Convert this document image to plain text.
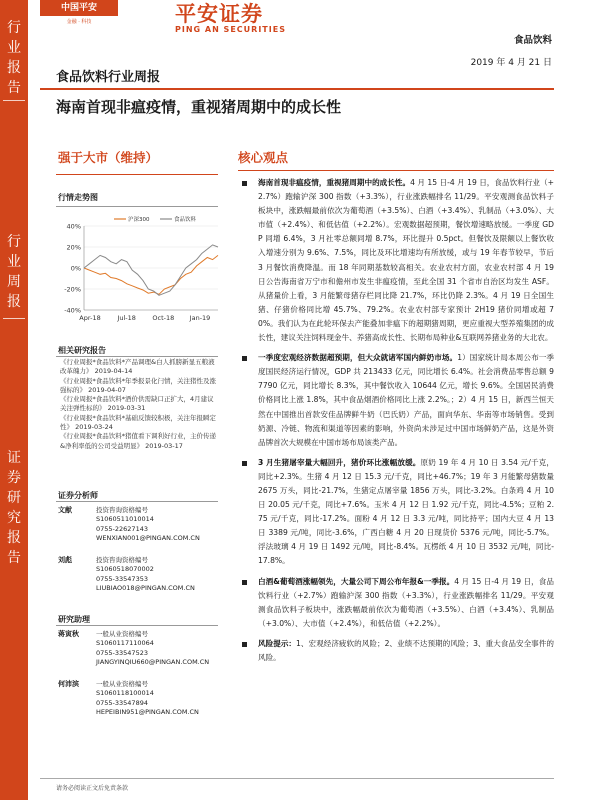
行
业
报
告
行
业
周
报
证
券
研
究
报
告
中国平安
金融 · 科技	平安证券
PING AN SECURITIES
食品饮料
2019 年 4 月 21 日
食品饮料行业周报
海南首现非瘟疫情，重视猪周期中的成长性
强于大市（维持）
行情走势图
40%
20%
0%
-20%
-40%
Apr-18	Jul-18	Oct-18 Jan-19
沪深300	食品饮料
相关研究报告
《行业周报*食品饮料*产品调理&白人抓膀新显五粮液改革魄力》 2019-04-14
《行业周报*食品饮料*年季报景化闩情，关注猪性及涨强标的》 2019-04-07
《行业周报*食品饮料*酒价供需缺口正扩大，4月建议关注弹性标的》 2019-03-31
《行业周报*食品饮料*基础反馈较积极，关注年报瞬定性》 2019-03-24
《行业周报*食品饮料*猪值看下调利好行业，主价传递&净利率低的公司受益明显》 2019-03-17
证券分析师
文献	投资咨询资格编号
S1060511010014
0755-22627143
WENXIAN001@PINGAN.COM.CN
刘彪	投资咨询资格编号
S1060518070002
0755-33547353
LIUBIAO018@PINGAN.COM.CN
研究助理
蒋寅秋	一般从业资格编号
S1060117110064
0755-33547523
JIANGYINQIU660@PINGAN.COM.CN
何沛滨	一般从业资格编号
S1060118100014
0755-33547894
HEPEIBIN951@PINGAN.COM.CN
核心观点
海南首现非瘟疫情，重视猪周期中的成长性。4 月 15 日-4 月 19 日，食品饮料行业（+2.7%）跑输沪深 300 指数（+3.3%），行业涨跌幅排名 11/29。平安观测食品饮料子板块中，涨跌幅最前依次为葡萄酒（+3.5%）、白酒（+3.4%）、乳制品（+3.0%）、大市值（+2.4%）、和低估值（+2.2%）。宏观数据超预期，餐饮增速略放缓。一季度 GDP 同增 6.4%，3 月社零总额同增 8.7%，环比提升 0.5pct。但餐饮及限额以上餐饮收入增速分别为 9.6%、7.5%，同比及环比增速均有所放缓，或与 19 年春节较早，节后 3 月餐饮消费降温。而 18 年同期基数较高相关。农业农村方面，农业农村部 4 月 19 日公告海南省万宁市和儋州市发生非瘟疫情，至此全国 31 个省市自治区均发生 ASF。从猪量价上看，3 月能繁母猪存栏同比降 21.7%，环比仍降 2.3%。4 月 19 日全国生猪、仔猪价格同比增 45.7%、79.2%。农业农村部专家预计 2H19 猪价同增或超 70%。我们认为在此轮环保去产能叠加非瘟下的超期猪周期，更应重视大型养殖集团的成长性，建议关注饲料现金牛、养猪高成长性、长期布局种业&互联网养猪业务的大北农。
一季度宏观经济数据超预期，但大众就诸军国内鲜奶市场。1）国家统计局本周公布一季度国民经济运行情况，GDP 共 213433 亿元，同比增长 6.4%。社会消费品零售总额 97790 亿元，同比增长 8.3%，其中餐饮收入 10644 亿元，增长 9.6%。全国居民消费价格同比上涨 1.8%，其中食品烟酒价格同比上涨 2.2%。；2）4 月 15 日，新西兰恒天然在中国推出首款安佳品牌鲜牛奶（巴氏奶）产品，面向华东、华南等市场销售。受到奶源、冷链、物流和渠道等因素的影响，外资尚未涉足过中国市场鲜奶产品，这是外资品牌首次大规模在中国市场布局该类产品。
3 月生猪屠宰量大幅回升，猪价环比涨幅放缓。原奶 19 年 4 月 10 日 3.54 元/千克，同比+2.3%。生猪 4 月 12 日 15.3 元/千克，同比+46.7%；19 年 3 月能繁母猪数量 2675 万头，同比-21.7%，生猪定点屠宰量 1856 万头，同比-3.2%。白条鸡 4 月 10 日 20.05 元/千克，同比+7.6%。玉米 4 月 12 日 1.92 元/千克，同比-4.5%；豆粕 2.75 元/千克，同比-17.2%。面粉 4 月 12 日 3.3 元/吨，同比持平；国内大豆 4 月 13 日 3389 元/吨，同比-3.6%，广西白糖 4 月 20 日现货价 5376 元/吨，同比-5.7%。浮法玻璃 4 月 19 日 1492 元/吨，同比-8.4%。瓦楞纸 4 月 10 日 3532 元/吨，同比-17.8%。
白酒&葡萄酒涨幅领先，大量公司下周公布年报&一季报。4 月 15 日-4 月 19 日，食品饮料行业（+2.7%）跑输沪深 300 指数（+3.3%），行业涨跌幅排名 11/29。平安观测食品饮料子板块中，涨跌幅最前依次为葡萄酒（+3.5%）、白酒（+3.4%）、乳制品（+3.0%）、大市值（+2.4%），和低估值（+2.2%）。
风险提示：1、宏观经济疲软的风险；2、业绩不达预期的风险；3、重大食品安全事件的风险。
请务必阅读正文后免责条款
